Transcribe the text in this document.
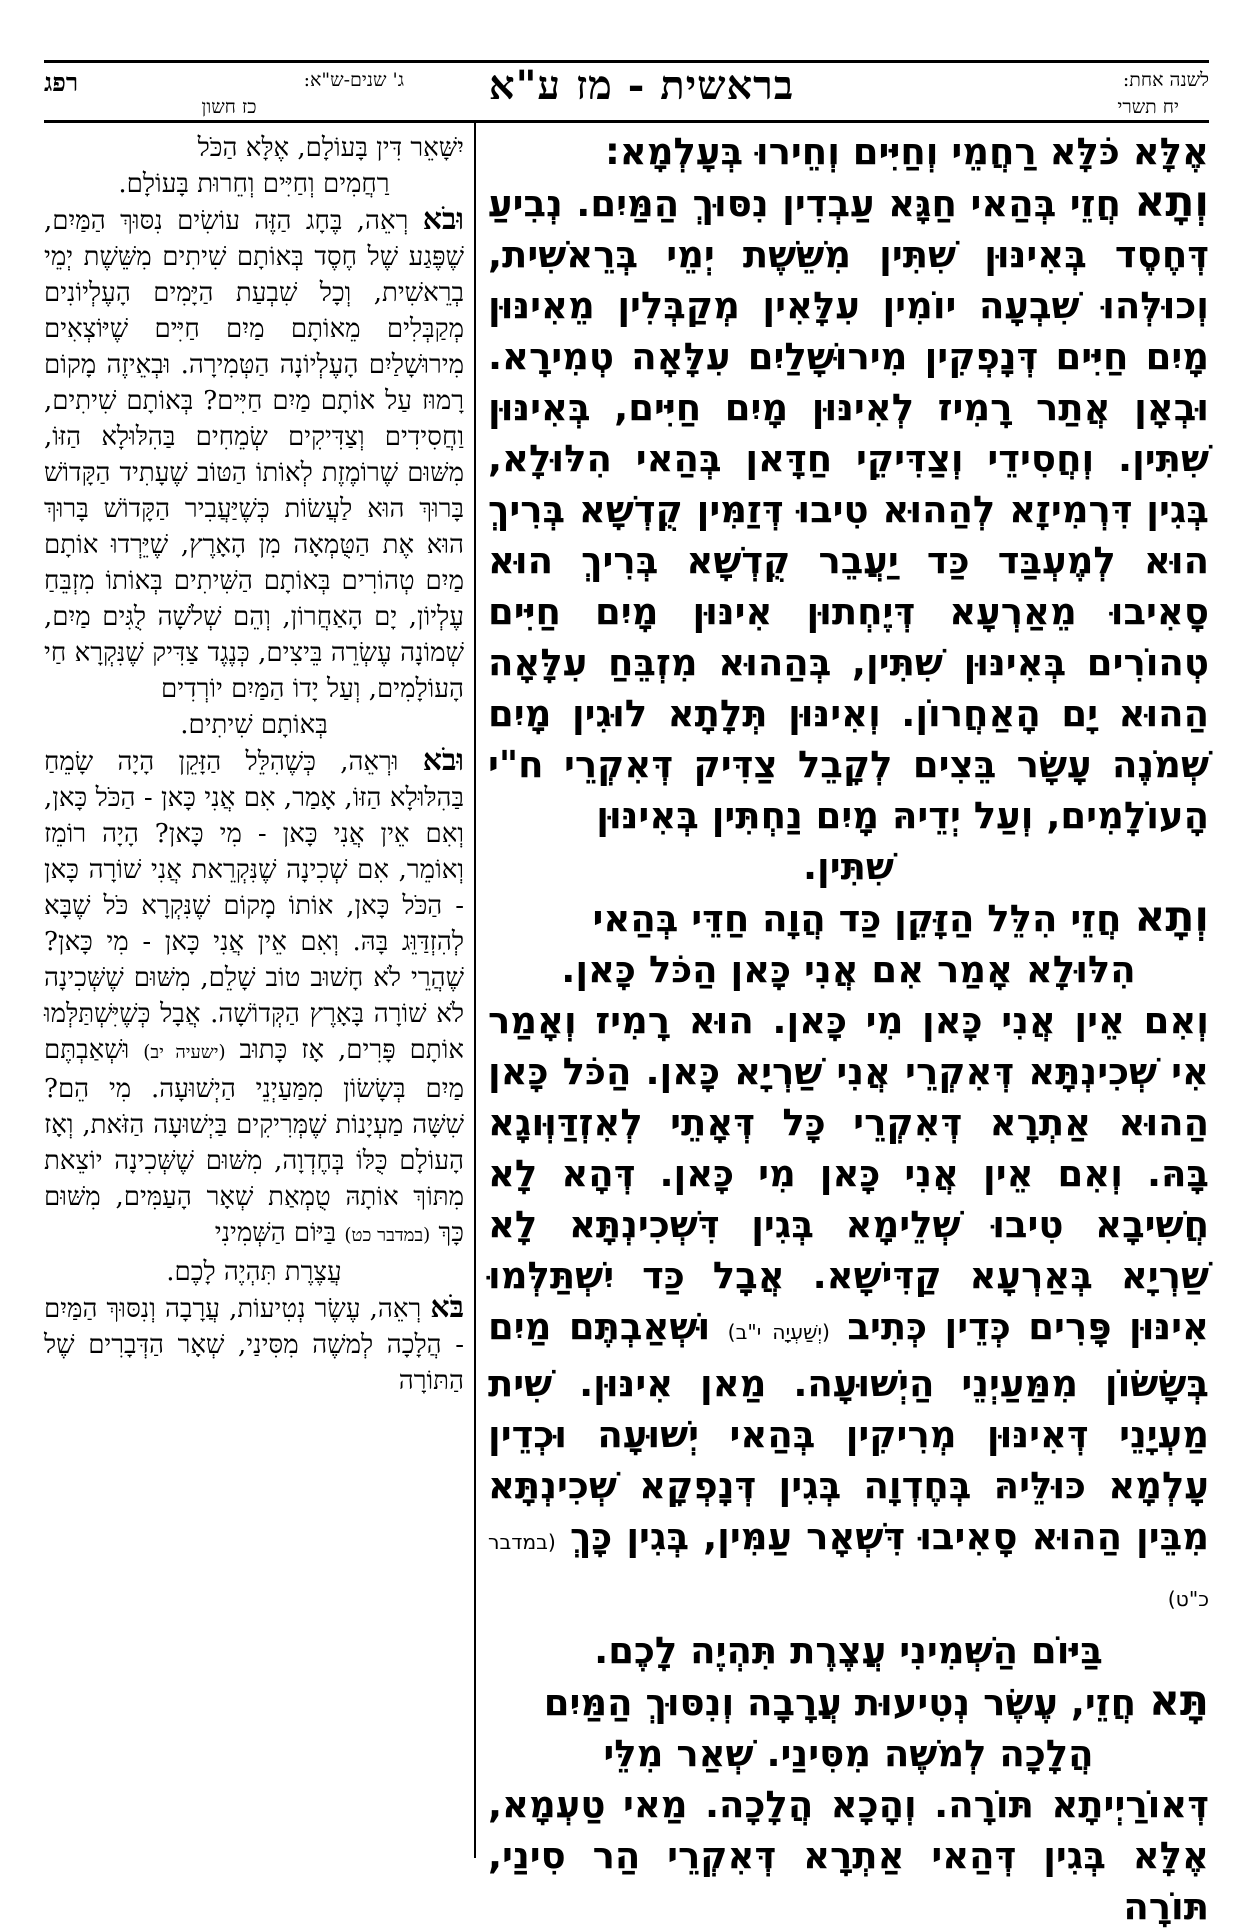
רפג	ג' שנים-ש"א:
כז חשון	בראשית - מז ע"א	לשנה אחת:
יח תשרי

אֶלָּא כֹּלָּא רַחֲמֵי וְחַיִּים וְחֵירוּ בְּעָלְמָא:

וְתָא חֲזֵי בְּהַאי חַגָּא עַבְדִין נִסּוּךְ הַמַּיִם. נְבִיעַ דְּחֶסֶד בְּאִינּוּן שִׁתִּין מִשֵּׁשֶׁת יְמֵי בְּרֵאשִׁית, וְכוּלְּהוּ שִׁבְעָה יוֹמִין עִלָּאִין מְקַבְּלִין מֵאִינּוּן מָיִם חַיִּים דְּנָפְקִין מִירוּשָׁלַיִם עִלָּאָה טְמִירָא. וּבְאָן אֲתַר רָמִיז לְאִינּוּן מָיִם חַיִּים, בְּאִינּוּן שִׁתִּין. וְחֲסִידֵי וְצַדִּיקֵי חַדָּאן בְּהַאי הִלּוּלָא, בְּגִין דִּרְמִיזָא לְהַהוּא טִיבוּ דְּזַמִּין קֻדְשָׁא בְּרִיךְ הוּא לְמֶעְבַּד כַּד יַעֲבֵר קֻדְשָׁא בְּרִיךְ הוּא סָאִיבוּ מֵאַרְעָא דְּיֶחְתוּן אִינּוּן מָיִם חַיִּים טְהוֹרִים בְּאִינּוּן שִׁתִּין, בְּהַהוּא מִזְבֵּחַ עִלָּאָה הַהוּא יָם הָאַחֲרוֹן. וְאִינּוּן תְּלָתָא לוּגִין מָיִם שְׁמֹנֶה עָשָׂר בֵּצִים לְקָבֵל צַדִּיק דְּאִקְרֵי ח"י הָעוֹלָמִים, וְעַל יְדֵיהּ מָיִם נַחְתִּין בְּאִינּוּן

שִׁתִּין.

וְתָא חֲזֵי הִלֵּל הַזָּקֵן כַּד הֲוָה חַדֵּי בְּהַאי

הִלּוּלָא אָמַר אִם אֲנִי כָּאן הַכֹּל כָּאן.

וְאִם אֵין אֲנִי כָּאן מִי כָּאן. הוּא רָמִיז וְאָמַר אִי שְׁכִינְתָּא דְּאִקְרֵי אֲנִי שַׁרְיָא כָּאן. הַכֹּל כָּאן הַהוּא אַתְרָא דְּאִקְרֵי כָּל דְּאָתֵי לְאִזְדַּוְּוגָא בָּהּ. וְאִם אֵין אֲנִי כָּאן מִי כָּאן. דְּהָא לָא חֲשִׁיבָא טִיבוּ שְׁלֵימָא בְּגִין דִּשְׁכִינְתָּא לָא שַׁרְיָא בְּאַרְעָא קַדִּישָׁא. אֲבָל כַּד יִשְׁתַּלְּמוּ אִינּוּן פָּרִים כְּדֵין כְּתִיב (יְשַׁעְיָה י"ב) וּשְׁאַבְתֶּם מַיִם בְּשָׂשׂוֹן מִמַּעַיְנֵי הַיְשׁוּעָה. מַאן אִינּוּן. שִׁית מַעְיָנֵי דְּאִינּוּן מְרִיקִין בְּהַאי יְשׁוּעָה וּכְדֵין עָלְמָא כּוּלֵּיהּ בְּחֶדְוָה בְּגִין דְּנָפְקָא שְׁכִינְתָּא מִבֵּין הַהוּא סָאִיבוּ דִּשְׁאָר עַמִּין, בְּגִין כָּךְ (במדבר כ"ט)

בַּיּוֹם הַשְּׁמִינִי עֲצֶרֶת תִּהְיֶה לָכֶם.

תָּא חֲזֵי, עֶשֶׂר נְטִיעוּת עֲרָבָה וְנִסּוּךְ הַמַּיִם

הֲלָכָה לְמשֶׁה מִסִּינַי. שְׁאַר מִלֵּי

דְּאוֹרַיְיתָא תּוֹרָה. וְהָכָא הֲלָכָה. מַאי טַעְמָא, אֶלָּא בְּגִין דְּהַאי אַתְרָא דְּאִקְרֵי הַר סִינַי, תּוֹרָה

יִשָּׁאֵר דִּין בָּעוֹלָם, אֶלָּא הַכֹּל

רַחֲמִים וְחַיִּים וְחֵרוּת בָּעוֹלָם.

וּבֹא רְאֵה, בֶּחָג הַזֶּה עוֹשִׂים נִסּוּךְ הַמַּיִם, שֶׁפֶּגַע שֶׁל חֶסֶד בְּאוֹתָם שִׁיתִים מִשֵּׁשֶׁת יְמֵי בְרֵאשִׁית, וְכָל שִׁבְעַת הַיָּמִים הָעֶלְיוֹנִים מְקַבְּלִים מֵאוֹתָם מַיִם חַיִּים שֶׁיּוֹצְאִים מִירוּשָׁלַיִם הָעֶלְיוֹנָה הַטְּמִירָה. וּבְאֵיזֶה מָקוֹם רָמוּז עַל אוֹתָם מַיִם חַיִּים? בְּאוֹתָם שִׁיתִים, וַחֲסִידִים וְצַדִּיקִים שְׂמֵחִים בַּהִלּוּלָא הַזּוֹ, מִשּׁוּם שֶׁרוֹמֶזֶת לְאוֹתוֹ הַטּוֹב שֶׁעָתִיד הַקָּדוֹשׁ בָּרוּךְ הוּא לַעֲשׂוֹת כְּשֶׁיַּעֲבִיר הַקָּדוֹשׁ בָּרוּךְ הוּא אֶת הַטֻּמְאָה מִן הָאָרֶץ, שֶׁיֵּרְדוּ אוֹתָם מַיִם טְהוֹרִים בְּאוֹתָם הַשִּׁיתִים בְּאוֹתוֹ מִזְבֵּחַ עֶלְיוֹן, יָם הָאַחֲרוֹן, וְהֵם שְׁלֹשָׁה לֻגִּים מַיִם, שְׁמוֹנָה עֶשְׂרֵה בֵּיצִים, כְּנֶגֶד צַדִּיק שֶׁנִּקְרָא חַי הָעוֹלָמִים, וְעַל יָדוֹ הַמַּיִם יוֹרְדִים

בְּאוֹתָם שִׁיתִים.

וּבֹא וּרְאֵה, כְּשֶׁהִלֵּל הַזָּקֵן הָיָה שָׂמֵחַ בַּהִלּוּלָא הַזּוֹ, אָמַר, אִם אֲנִי כָּאן - הַכֹּל כָּאן, וְאִם אֵין אֲנִי כָּאן - מִי כָּאן? הָיָה רוֹמֵז וְאוֹמֵר, אִם שְׁכִינָה שֶׁנִּקְרֵאת אֲנִי שׁוֹרָה כָּאן - הַכֹּל כָּאן, אוֹתוֹ מָקוֹם שֶׁנִּקְרָא כֹּל שֶׁבָּא לְהִזְדַּוֵּג בָּהּ. וְאִם אֵין אֲנִי כָּאן - מִי כָּאן? שֶׁהֲרֵי לֹא חָשׁוּב טוֹב שָׁלֵם, מִשּׁוּם שֶׁשְּׁכִינָה לֹא שׁוֹרָה בָּאָרֶץ הַקְּדוֹשָׁה. אֲבָל כְּשֶׁיִּשְׁתַּלְּמוּ אוֹתָם פָּרִים, אָז כָּתוּב (ישעיה יב) וּשְׁאַבְתֶּם מַיִם בְּשָׂשׂוֹן מִמַּעַיְנֵי הַיְשׁוּעָה. מִי הֵם? שִׁשָּׁה מַעְיָנוֹת שֶׁמְּרִיקִים בַּיְשׁוּעָה הַזֹּאת, וְאָז הָעוֹלָם כֻּלּוֹ בְּחֶדְוָה, מִשּׁוּם שֶׁשְּׁכִינָה יוֹצֵאת מִתּוֹךְ אוֹתָהּ טֻמְאַת שְׁאָר הָעַמִּים, מִשּׁוּם כָּךְ (במדבר כט) בַּיּוֹם הַשְּׁמִינִי

עֲצֶרֶת תִּהְיֶה לָכֶם.

בֹּא רְאֵה, עֶשֶׂר נְטִיעוֹת, עֲרָבָה וְנִסּוּךְ הַמַּיִם - הֲלָכָה לְמשֶׁה מִסִּינַי, שְׁאָר הַדְּבָרִים שֶׁל הַתּוֹרָה
